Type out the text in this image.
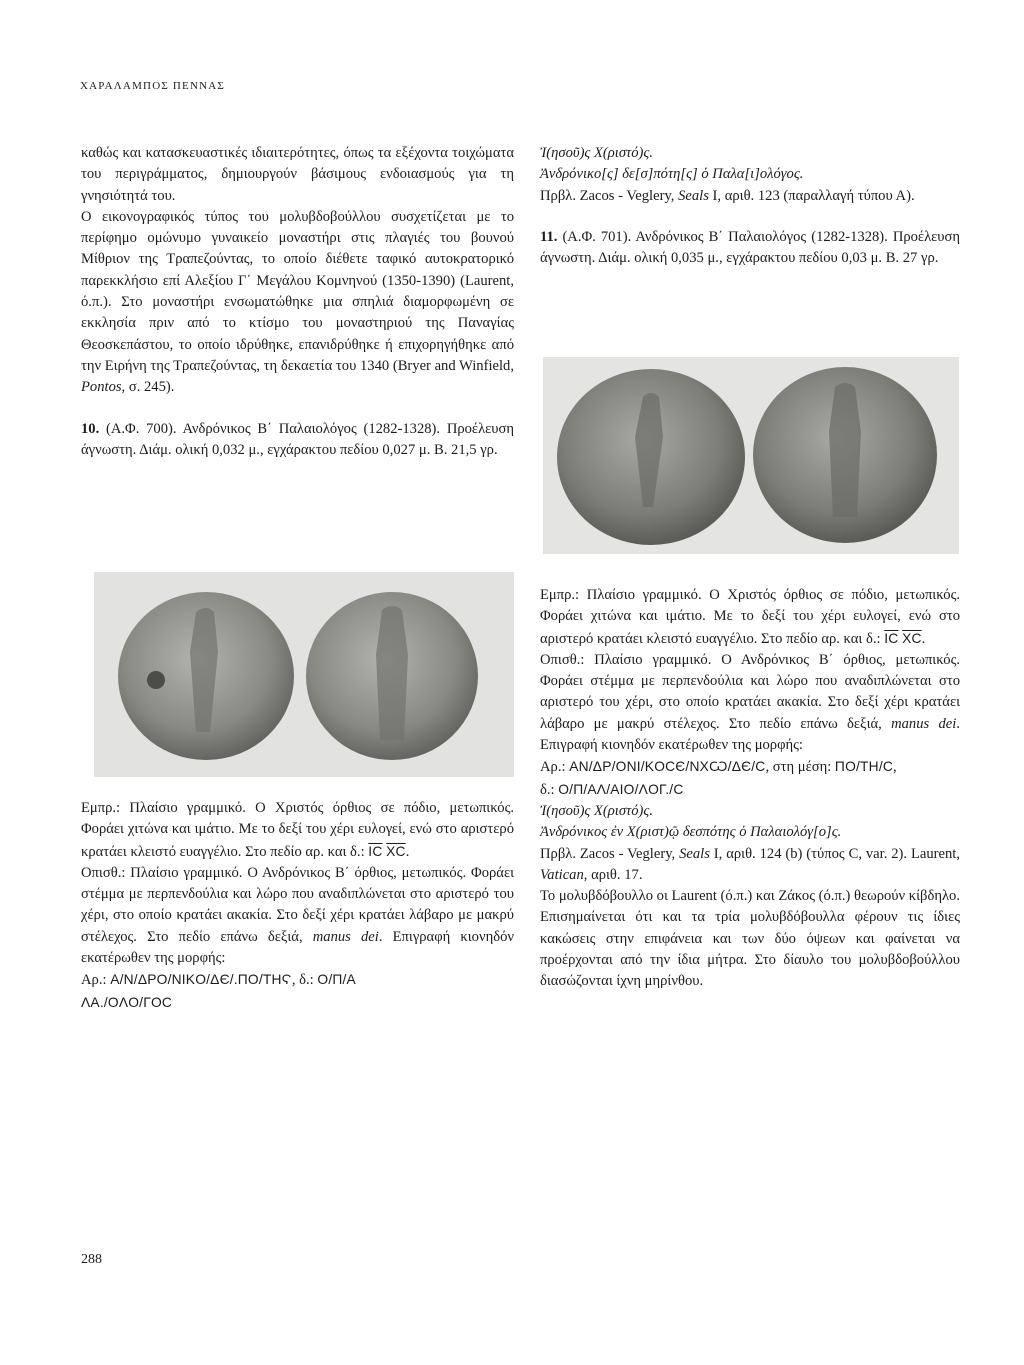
ΧΑΡΑΛΑΜΠΟΣ ΠΕΝΝΑΣ

καθώς και κατασκευαστικές ιδιαιτερότητες, όπως τα εξέχοντα τοιχώματα του περιγράμματος, δημιουργούν βάσιμους ενδοιασμούς για τη γνησιότητά του.

Ο εικονογραφικός τύπος του μολυβδοβούλλου συσχετίζεται με το περίφημο ομώνυμο γυναικείο μοναστήρι στις πλαγιές του βουνού Μίθριον της Τραπεζούντας, το οποίο διέθετε ταφικό αυτοκρατορικό παρεκκλήσιο επί Αλεξίου Γ΄ Μεγάλου Κομνηνού (1350-1390) (Laurent, ό.π.). Στο μοναστήρι ενσωματώθηκε μια σπηλιά διαμορφωμένη σε εκκλησία πριν από το κτίσμο του μοναστηριού της Παναγίας Θεοσκεπάστου, το οποίο ιδρύθηκε, επανιδρύθηκε ή επιχορηγήθηκε από την Ειρήνη της Τραπεζούντας, τη δεκαετία του 1340 (Bryer and Winfield, Pontos, σ. 245).

10. (Α.Φ. 700). Ανδρόνικος Β΄ Παλαιολόγος (1282-1328). Προέλευση άγνωστη. Διάμ. ολική 0,032 μ., εγχάρακτου πεδίου 0,027 μ. Β. 21,5 γρ.

Ἰ(ησοῦ)ς Χ(ριστό)ς.

Ἀνδρόνικο[ς] δε[σ]πότη[ς] ὁ Παλα[ι]ολόγος.

Πρβλ. Zacos - Veglery, Seals I, αριθ. 123 (παραλλαγή τύπου Α).

11. (Α.Φ. 701). Ανδρόνικος Β΄ Παλαιολόγος (1282-1328). Προέλευση άγνωστη. Διάμ. ολική 0,035 μ., εγχάρακτου πεδίου 0,03 μ. Β. 27 γρ.

Εμπρ.: Πλαίσιο γραμμικό. Ο Χριστός όρθιος σε πόδιο, μετωπικός. Φοράει χιτώνα και ιμάτιο. Με το δεξί του χέρι ευλογεί, ενώ στο αριστερό κρατάει κλειστό ευαγγέλιο. Στο πεδίο αρ. και δ.: $\overline{IC}$ $\overline{XC}$.

Οπισθ.: Πλαίσιο γραμμικό. Ο Ανδρόνικος Β΄ όρθιος, μετωπικός. Φοράει στέμμα με περπενδούλια και λώρο που αναδιπλώνεται στο αριστερό του χέρι, στο οποίο κρατάει ακακία. Στο δεξί χέρι κρατάει λάβαρο με μακρύ στέλεχος. Στο πεδίο επάνω δεξιά, manus dei. Επιγραφή κιονηδόν εκατέρωθεν της μορφής:

Αρ.: A/N/ΔPO/NIKO/ΔЄ/.ΠO/THϚ, δ.: O/Π/A

ΛA./OΛO/ΓOC

Εμπρ.: Πλαίσιο γραμμικό. Ο Χριστός όρθιος σε πόδιο, μετωπικός. Φοράει χιτώνα και ιμάτιο. Με το δεξί του χέρι ευλογεί, ενώ στο αριστερό κρατάει κλειστό ευαγγέλιο. Στο πεδίο αρ. και δ.: $\overline{IC}$ $\overline{XC}$.

Οπισθ.: Πλαίσιο γραμμικό. Ο Ανδρόνικος Β΄ όρθιος, μετωπικός. Φοράει στέμμα με περπενδούλια και λώρο που αναδιπλώνεται στο αριστερό του χέρι, στο οποίο κρατάει ακακία. Στο δεξί χέρι κρατάει λάβαρο με μακρύ στέλεχος. Στο πεδίο επάνω δεξιά, manus dei. Επιγραφή κιονηδόν εκατέρωθεν της μορφής:

Αρ.: AN/ΔP/ONI/KOCЄ/NXѠ/ΔЄ/C, στη μέση: ΠO/TH/C,

δ.: O/Π/AΛ/AIO/ΛOΓ./C

Ἰ(ησοῦ)ς Χ(ριστό)ς.

Ἀνδρόνικος ἐν Χ(ριστ)ῷ δεσπότης ὁ Παλαιολόγ[ο]ς.

Πρβλ. Zacos - Veglery, Seals I, αριθ. 124 (b) (τύπος C, var. 2). Laurent, Vatican, αριθ. 17.

Το μολυβδόβουλλο οι Laurent (ό.π.) και Ζάκος (ό.π.) θεωρούν κίβδηλο. Επισημαίνεται ότι και τα τρία μολυβδόβουλλα φέρουν τις ίδιες κακώσεις στην επιφάνεια και των δύο όψεων και φαίνεται να προέρχονται από την ίδια μήτρα. Στο δίαυλο του μολυβδοβούλλου διασώζονται ίχνη μηρίνθου.

288
